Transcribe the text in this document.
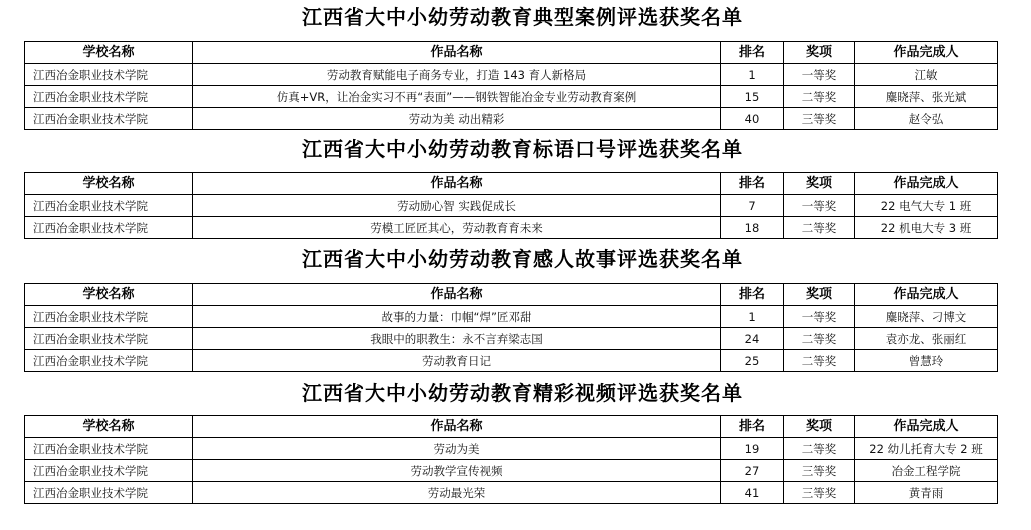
江西省大中小幼劳动教育典型案例评选获奖名单
学校名称	作品名称	排名	奖项	作品完成人
江西冶金职业技术学院	劳动教育赋能电子商务专业，打造 143 育人新格局	1	一等奖	江敏
江西冶金职业技术学院	仿真+VR，让冶金实习不再“表面”——钢铁智能冶金专业劳动教育案例	15	二等奖	麋晓萍、张光斌
江西冶金职业技术学院	劳动为美 动出精彩	40	三等奖	赵令弘
江西省大中小幼劳动教育标语口号评选获奖名单
学校名称	作品名称	排名	奖项	作品完成人
江西冶金职业技术学院	劳动励心智 实践促成长	7	一等奖	22 电气大专 1 班
江西冶金职业技术学院	劳模工匠匠其心，劳动教育育未来	18	二等奖	22 机电大专 3 班
江西省大中小幼劳动教育感人故事评选获奖名单
学校名称	作品名称	排名	奖项	作品完成人
江西冶金职业技术学院	故事的力量：巾帼“焊”匠邓甜	1	一等奖	麋晓萍、刁博文
江西冶金职业技术学院	我眼中的职教生：永不言弃梁志国	24	二等奖	袁亦龙、张丽红
江西冶金职业技术学院	劳动教育日记	25	二等奖	曾慧玲
江西省大中小幼劳动教育精彩视频评选获奖名单
学校名称	作品名称	排名	奖项	作品完成人
江西冶金职业技术学院	劳动为美	19	二等奖	22 幼儿托育大专 2 班
江西冶金职业技术学院	劳动教学宣传视频	27	三等奖	冶金工程学院
江西冶金职业技术学院	劳动最光荣	41	三等奖	黄青雨
